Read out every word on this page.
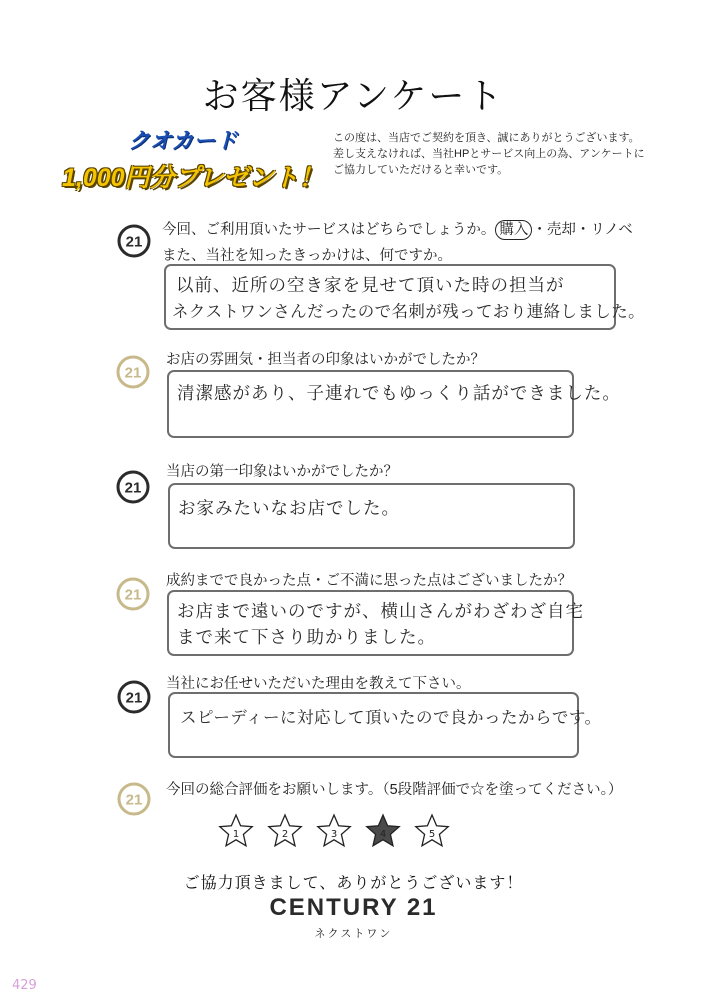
お客様アンケート
クオカード
1,000円分プレゼント！
この度は、当店でご契約を頂き、誠にありがとうございます。
差し支えなければ、当社HPとサービス向上の為、アンケートに
ご協力していただけると幸いです。
21
今回、ご利用頂いたサービスはどちらでしょうか。 購入 ・売却・リノベ
また、当社を知ったきっかけは、何ですか。
以前、近所の空き家を見せて頂いた時の担当が
ネクストワンさんだったので名刺が残っており連絡しました。
21
お店の雰囲気・担当者の印象はいかがでしたか？
清潔感があり、子連れでもゆっくり話ができました。
21
当店の第一印象はいかがでしたか？
お家みたいなお店でした。
21
成約までで良かった点・ご不満に思った点はございましたか？
お店まで遠いのですが、横山さんがわざわざ自宅
まで来て下さり助かりました。
21
当社にお任せいただいた理由を教えて下さい。
スピーディーに対応して頂いたので良かったからです。
21
今回の総合評価をお願いします。（5段階評価で☆を塗ってください。）
1	2	3	4	5
ご協力頂きまして、ありがとうございます！
CENTURY 21
ネクストワン
429
